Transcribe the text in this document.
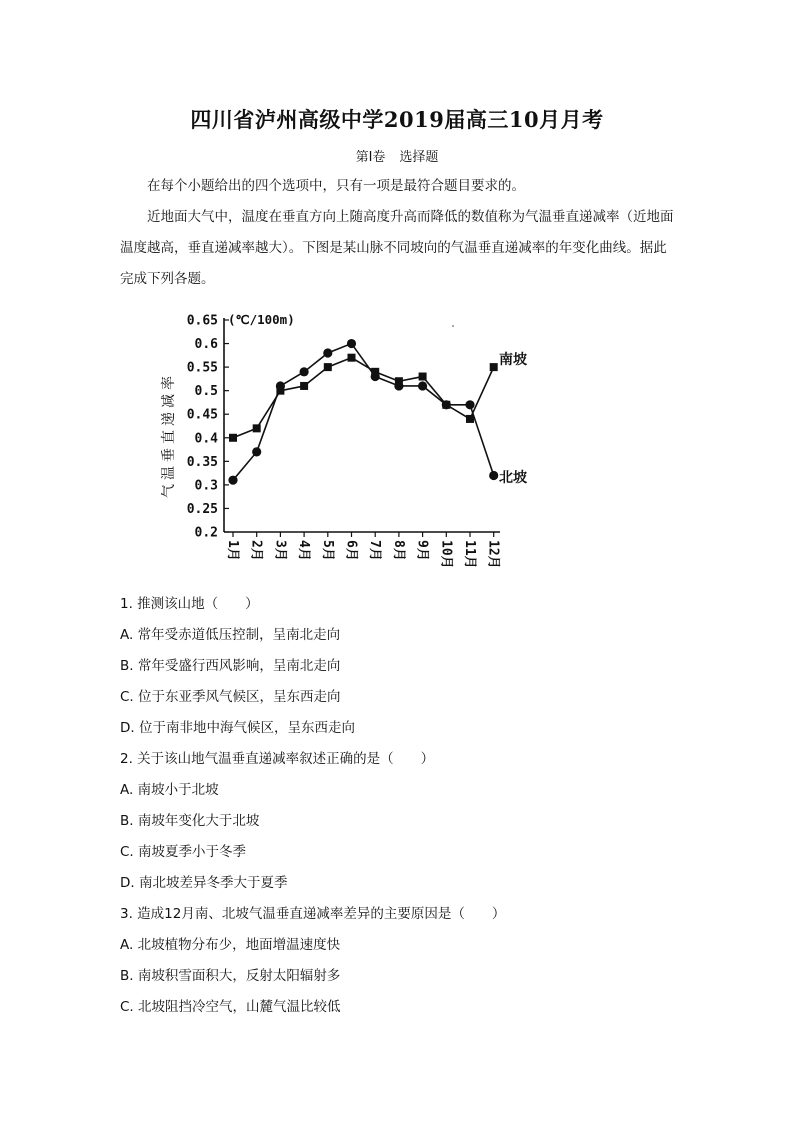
四川省泸州高级中学2019届高三10月月考
第Ⅰ卷 选择题
在每个小题给出的四个选项中，只有一项是最符合题目要求的。
近地面大气中，温度在垂直方向上随高度升高而降低的数值称为气温垂直递减率（近地面温度越高，垂直递减率越大）。下图是某山脉不同坡向的气温垂直递减率的年变化曲线。据此完成下列各题。
0.65
0.6
0.55
0.5
0.45
0.4
0.35
0.3
0.25
0.2
(℃/100m)
气温垂直递减率
1月 2月 3月 4月 5月 6月 7月 8月 9月 10月 11月 12月
南坡
北坡
1. 推测该山地（　　）
A. 常年受赤道低压控制，呈南北走向
B. 常年受盛行西风影响，呈南北走向
C. 位于东亚季风气候区，呈东西走向
D. 位于南非地中海气候区，呈东西走向
2. 关于该山地气温垂直递减率叙述正确的是（　　）
A. 南坡小于北坡
B. 南坡年变化大于北坡
C. 南坡夏季小于冬季
D. 南北坡差异冬季大于夏季
3. 造成12月南、北坡气温垂直递减率差异的主要原因是（　　）
A. 北坡植物分布少，地面增温速度快
B. 南坡积雪面积大，反射太阳辐射多
C. 北坡阻挡冷空气，山麓气温比较低
